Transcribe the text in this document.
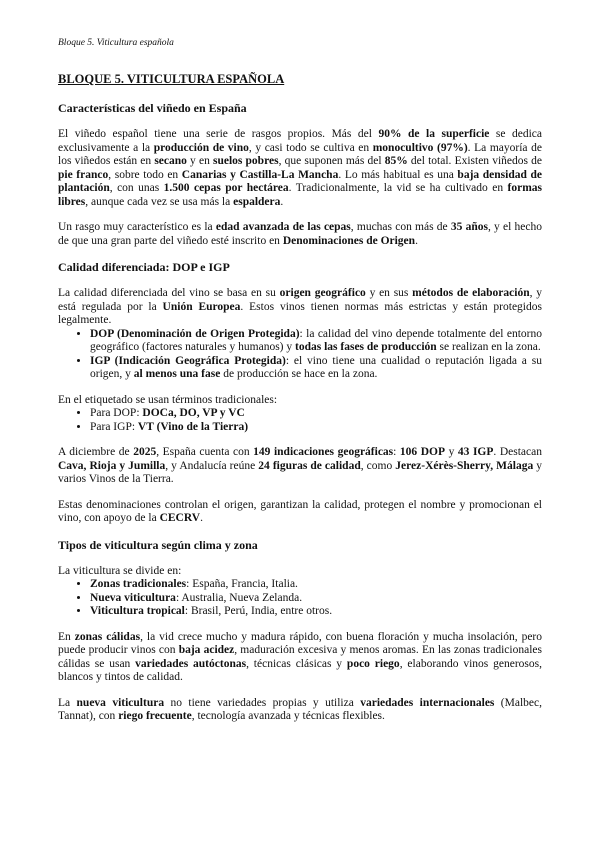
Bloque 5. Viticultura española
BLOQUE 5. VITICULTURA ESPAÑOLA
Características del viñedo en España

El viñedo español tiene una serie de rasgos propios. Más del 90% de la superficie se dedica exclusivamente a la producción de vino, y casi todo se cultiva en monocultivo (97%). La mayoría de los viñedos están en secano y en suelos pobres, que suponen más del 85% del total. Existen viñedos de pie franco, sobre todo en Canarias y Castilla-La Mancha. Lo más habitual es una baja densidad de plantación, con unas 1.500 cepas por hectárea. Tradicionalmente, la vid se ha cultivado en formas libres, aunque cada vez se usa más la espaldera.

Un rasgo muy característico es la edad avanzada de las cepas, muchas con más de 35 años, y el hecho de que una gran parte del viñedo esté inscrito en Denominaciones de Origen.

Calidad diferenciada: DOP e IGP

La calidad diferenciada del vino se basa en su origen geográfico y en sus métodos de elaboración, y está regulada por la Unión Europea. Estos vinos tienen normas más estrictas y están protegidos legalmente.

• DOP (Denominación de Origen Protegida): la calidad del vino depende totalmente del entorno geográfico (factores naturales y humanos) y todas las fases de producción se realizan en la zona.
• IGP (Indicación Geográfica Protegida): el vino tiene una cualidad o reputación ligada a su origen, y al menos una fase de producción se hace en la zona.

En el etiquetado se usan términos tradicionales:

• Para DOP: DOCa, DO, VP y VC
• Para IGP: VT (Vino de la Tierra)

A diciembre de 2025, España cuenta con 149 indicaciones geográficas: 106 DOP y 43 IGP. Destacan Cava, Rioja y Jumilla, y Andalucía reúne 24 figuras de calidad, como Jerez-Xérès-Sherry, Málaga y varios Vinos de la Tierra.

Estas denominaciones controlan el origen, garantizan la calidad, protegen el nombre y promocionan el vino, con apoyo de la CECRV.

Tipos de viticultura según clima y zona

La viticultura se divide en:

• Zonas tradicionales: España, Francia, Italia.
• Nueva viticultura: Australia, Nueva Zelanda.
• Viticultura tropical: Brasil, Perú, India, entre otros.

En zonas cálidas, la vid crece mucho y madura rápido, con buena floración y mucha insolación, pero puede producir vinos con baja acidez, maduración excesiva y menos aromas. En las zonas tradicionales cálidas se usan variedades autóctonas, técnicas clásicas y poco riego, elaborando vinos generosos, blancos y tintos de calidad.

La nueva viticultura no tiene variedades propias y utiliza variedades internacionales (Malbec, Tannat), con riego frecuente, tecnología avanzada y técnicas flexibles.
